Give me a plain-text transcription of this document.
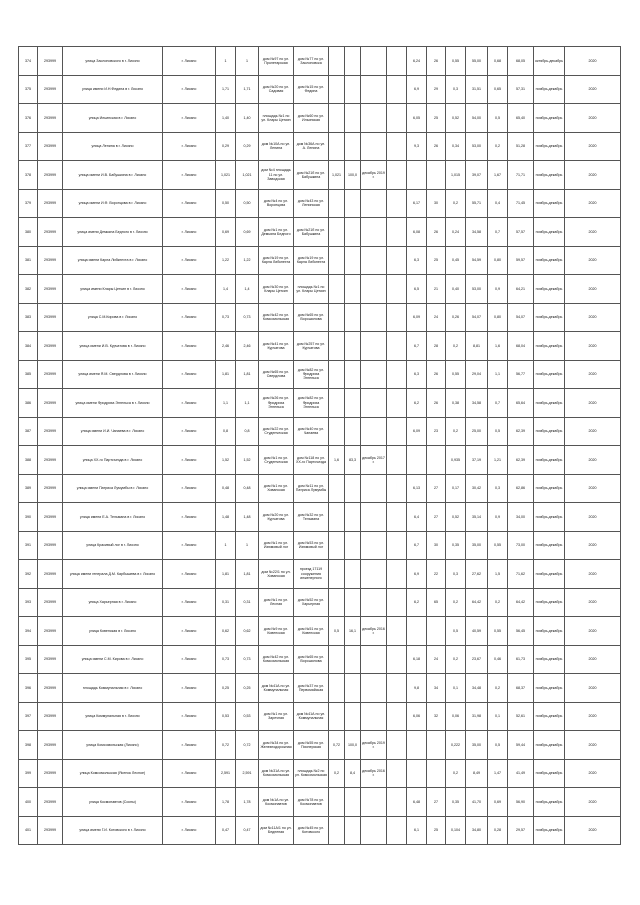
374	293999	улица Заслоновского в г. Лиозно	г. Лиозно	1	1	дом №97 по ул. Пролетарская	дом №77 по ул. Заслоновска					6,24	26	0,55	55,00	0,68	68,05	октябрь-декабрь	2020
375	293999	улица имени И.Н.Федина в г. Лиозно	г. Лиозно	1,71	1,71	дом №20 по ул. Садовая	дом №15 по ул. Федина					6,9	29	0,3	31,51	0,65	57,31	ноябрь-декабрь	2020
376	293999	улица Ильинская в г. Лиозно	г. Лиозно	1,40	1,40	площадь №1 по ул. Клары Цеткин	дом №60 по ул. Ильинская					6,05	25	0,52	54,00	0,5	65,40	ноябрь-декабрь	2020
377	293999	улица Ленина в г. Лиозно	г. Лиозно	0,29	0,29	дом №10А по ул. Ленина	дом №36А по ул. А. Ленина					9,3	26	0,34	53,00	0,2	51,28	ноябрь-декабрь	2020
378	293999	улица имени И.В. Бабушкина в г. Лиозно	г. Лиозно	1,021	1,021	дом №4 площадь 11 по ул. Заводская	дом №21б по ул. Бабушкина	1,021	100,0	декабрь 2019 г.				1,015	39,07	1,67	71,71	ноябрь-декабрь	2020
379	293999	улица имени И.Ф. Воронцова в г. Лиозно	г. Лиозно	0,50	0,50	дом №4 по ул. Воронцова	дом №43 по ул. Ленинская					6,17	30	0,2	55,71	0,4	71,45	ноябрь-декабрь	2020
380	293999	улица имени Демьяна Бедного в г. Лиозно	г. Лиозно	0,69	0,69	дом №1 по ул. Демьяна Бедного	дом №21б по ул. Бабушкина					6,08	26	0,24	34,58	0,7	57,57	ноябрь-декабрь	2020
381	293999	улица имени Карла Либкнехта в г. Лиозно	г. Лиозно	1,22	1,22	дом №19 по ул. Карла Либкнехта	дом №19 по ул. Карла Либкнехта					6,3	25	0,45	54,59	0,80	59,57	ноябрь-декабрь	2020
382	293999	улица имени Клары Цеткин в г. Лиозно	г. Лиозно	1,4	1,4	дом №30 по ул. Клары Цеткин	площадь №1 по ул. Клары Цеткин					6,5	21	0,40	53,00	0,9	64,21	ноябрь-декабрь	2020
383	293999	улица С.М.Кирова в г. Лиозно	г. Лиозно	0,73	0,73	дом №42 по ул. Комсомольская	дом №65 по ул. Ворошилова					6,09	24	0,26	54,07	0,80	54,07	ноябрь-декабрь	2020
384	293999	улица имени И.В. Курчатова в г. Лиозно	г. Лиозно	2,46	2,46	дом №41 по ул. Курчатова	дом №257 по ул. Курчатова					6,7	28	0,2	8,81	1,6	68,04	ноябрь-декабрь	2020
385	293999	улица имени Я.М. Свердлова в г. Лиозно	г. Лиозно	1,81	1,81	дом №65 по ул. Свердлова	дом №82 по ул. Фридриха Энгельса					6,3	26	0,55	29,04	1,1	56,77	ноябрь-декабрь	2020
386	293999	улица имени Фридриха Энгельса в г. Лиозно	г. Лиозно	1,1	1,1	дом №26 по ул. Фридриха Энгельса	дом №82 по ул. Фридриха Энгельса					6,2	26	0,38	34,58	0,7	65,64	ноябрь-декабрь	2020
387	293999	улица имени И.И. Чапаева в г. Лиозно	г. Лиозно	0,8	0,8	дом №22 по ул. Студенческая	дом №40 по ул. Чапаева					6,09	23	0,2	25,00	0,5	62,39	ноябрь-декабрь	2020
388	293999	улица XX-го Партсъезда в г. Лиозно	г. Лиозно	1,52	1,52	дом №1 по ул. Студенческая	дом №118 по ул. XX-го Партсъезда	1,6	83,3	декабрь 2017 г.				0,935	37,19	1,21	62,39	ноябрь-декабрь	2020
389	293999	улица имени Патриса Лумумбы в г. Лиозно	г. Лиозно	0,48	0,48	дом №1 по ул. Хованская	дом №11 по ул. Патриса Лумумбы					6,13	27	0,17	30,42	0,3	62,86	ноябрь-декабрь	2020
390	293999	улица имени Е.А. Тельмана в г. Лиозно	г. Лиозно	1,48	1,48	дом №20 по ул. Курчатова	дом №32 по ул. Тельмана					6,4	27	0,52	35,14	0,9	34,00	ноябрь-декабрь	2020
391	293999	улица Красивый лог в г. Лиозно	г. Лиозно	1	1	дом №1 по ул. Изюмовый лог	дом №53 по ул. Изюмовый лог					6,7	30	0,35	35,00	0,55	73,00	ноябрь-декабрь	2020
392	293999	улица имени генерала Д.М. Карбышева в г. Лиозно	г. Лиозно	1,81	1,81	дом №22/1 по ул. Хованская	проезд 17119 сооружения инженерного					6,9	22	0,3	27,62	1,5	71,62	ноябрь-декабрь	2020
393	293999	улица Харьерная в г. Лиозно	г. Лиозно	0,31	0,31	дом №1 по ул. Лесная	дом №52 по ул. Харьерная					6,2	65	0,2	64,42	0,2	64,42	ноябрь-декабрь	2020
394	293999	улица Ковенская в г. Лиозно	г. Лиозно	0,62	0,62	дом №9 по ул. Ковенская	дом №51 по ул. Ковенская	0,5	16,1	декабрь 2016 г.				0,5	40,59	0,55	56,45	ноябрь-декабрь	2020
395	293999	улица имени С.М. Кирова в г. Лиозно	г. Лиозно	0,73	0,73	дом №42 по ул. Комсомольская	дом №65 по ул. Ворошилова					6,18	24	0,2	23,67	0,46	61,73	ноябрь-декабрь	2020
396	293999	площадь Коммунальная в г. Лиозно	г. Лиозно	0,25	0,25	дом №41А по ул. Коммунальная	дом №37 по ул. Первомайская					9,8	34	0,1	34,48	0,2	68,37	ноябрь-декабрь	2020
397	293999	улица Коммунальная в г. Лиозно	г. Лиозно	0,53	0,53	дом №1 по ул. Заречная	дом №41А по ул. Коммунальная					6,06	32	0,06	31,98	0,1	52,61	ноябрь-декабрь	2020
398	293999	улица Комсомольская (Лиозно)	г. Лиозно	0,72	0,72	дом №34 по ул. Железнодорожная	дом №55 по ул. Пионерская	0,72	100,0	декабрь 2019 г.				0,222	35,00	0,5	59,44	ноябрь-декабрь	2020
399	293999	улица Комсомольская (Ясенок Лесное)	г. Лиозно	2,591	2,591	дом №31А по ул. Комсомольская	площадь №2 по ул. Комсомольская	0,2	8,4	декабрь 2016 г.				0,2	8,49	1,47	41,49	ноябрь-декабрь	2020
400	293999	улица Космонавтов (Сосны)	г. Лиозно	1,78	1,78	дом №1А по ул. Космонавтов	дом №78 по ул. Космонавтов					6,48	27	0,35	41,70	0,69	56,90	ноябрь-декабрь	2020
401	293999	улица имени Г.И. Котовского в г. Лиозно	г. Лиозно	0,47	0,47	дом №11А/1 по ул. Бедненая	дом №45 по ул. Котовского					6,1	25	0,104	34,80	0,28	29,57	ноябрь-декабрь	2020
